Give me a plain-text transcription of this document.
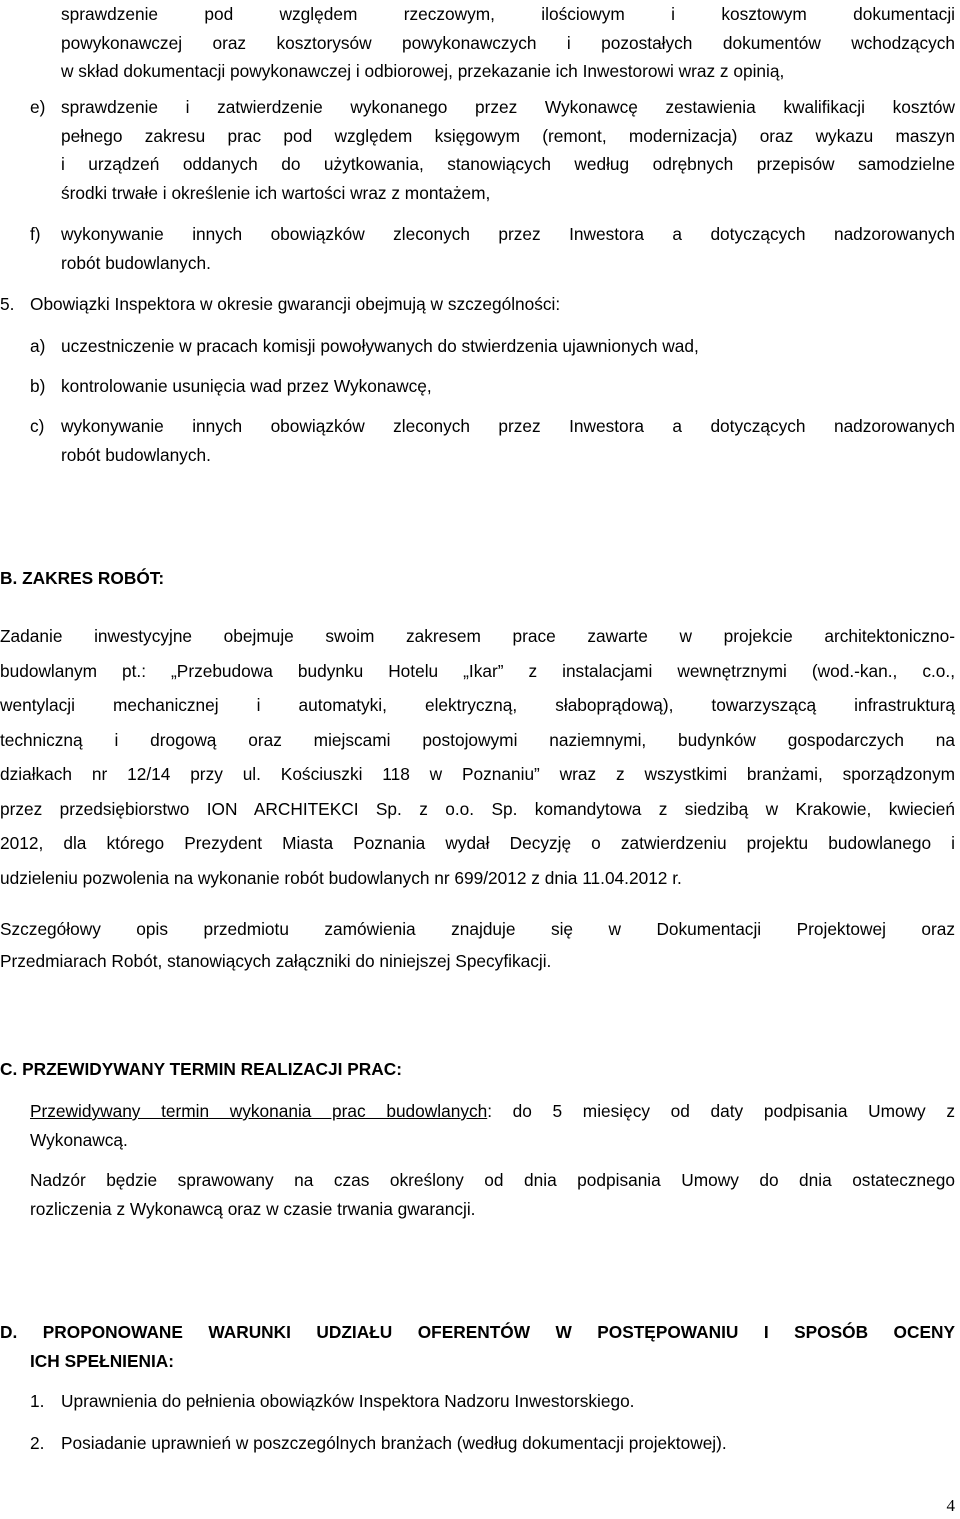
sprawdzenie pod względem rzeczowym, ilościowym i kosztowym dokumentacji

powykonawczej oraz kosztorysów powykonawczych i pozostałych dokumentów wchodzących

w skład dokumentacji powykonawczej i odbiorowej, przekazanie ich Inwestorowi wraz z opinią,

e) sprawdzenie i zatwierdzenie wykonanego przez Wykonawcę zestawienia kwalifikacji kosztów

pełnego zakresu prac pod względem księgowym (remont, modernizacja) oraz wykazu maszyn

i urządzeń oddanych do użytkowania, stanowiących według odrębnych przepisów samodzielne

środki trwałe i określenie ich wartości wraz z montażem,

f)	wykonywanie innych obowiązków zleconych przez Inwestora a dotyczących nadzorowanych

robót budowlanych.

5. Obowiązki Inspektora w okresie gwarancji obejmują w szczególności:

a) uczestniczenie w pracach komisji powoływanych do stwierdzenia ujawnionych wad,

b) kontrolowanie usunięcia wad przez Wykonawcę,

c) wykonywanie innych obowiązków zleconych przez Inwestora a dotyczących nadzorowanych

robót budowlanych.

B. ZAKRES ROBÓT:

Zadanie inwestycyjne obejmuje swoim zakresem prace zawarte w projekcie architektoniczno-

budowlanym pt.: „Przebudowa budynku Hotelu „Ikar” z instalacjami wewnętrznymi (wod.-kan., c.o.,

wentylacji mechanicznej i automatyki, elektryczną, słaboprądową), towarzyszącą infrastrukturą

techniczną i drogową oraz miejscami postojowymi naziemnymi, budynków gospodarczych na

działkach nr 12/14 przy ul. Kościuszki 118 w Poznaniu” wraz z wszystkimi branżami, sporządzonym

przez przedsiębiorstwo ION ARCHITEKCI Sp. z o.o. Sp. komandytowa z siedzibą w Krakowie, kwiecień

2012, dla którego Prezydent Miasta Poznania wydał Decyzję o zatwierdzeniu projektu budowlanego i

udzieleniu pozwolenia na wykonanie robót budowlanych nr 699/2012 z dnia 11.04.2012 r.

Szczegółowy opis przedmiotu zamówienia znajduje się w Dokumentacji Projektowej oraz

Przedmiarach Robót, stanowiących załączniki do niniejszej Specyfikacji.

C. PRZEWIDYWANY TERMIN REALIZACJI PRAC:

Przewidywany termin wykonania prac budowlanych: do 5 miesięcy od daty podpisania Umowy z

Wykonawcą.

Nadzór będzie sprawowany na czas określony od dnia podpisania Umowy do dnia ostatecznego

rozliczenia z Wykonawcą oraz w czasie trwania gwarancji.

D. PROPONOWANE WARUNKI UDZIAŁU OFERENTÓW W POSTĘPOWANIU I SPOSÓB OCENY

ICH SPEŁNIENIA:

1. Uprawnienia do pełnienia obowiązków Inspektora Nadzoru Inwestorskiego.

2. Posiadanie uprawnień w poszczególnych branżach (według dokumentacji projektowej).

4
